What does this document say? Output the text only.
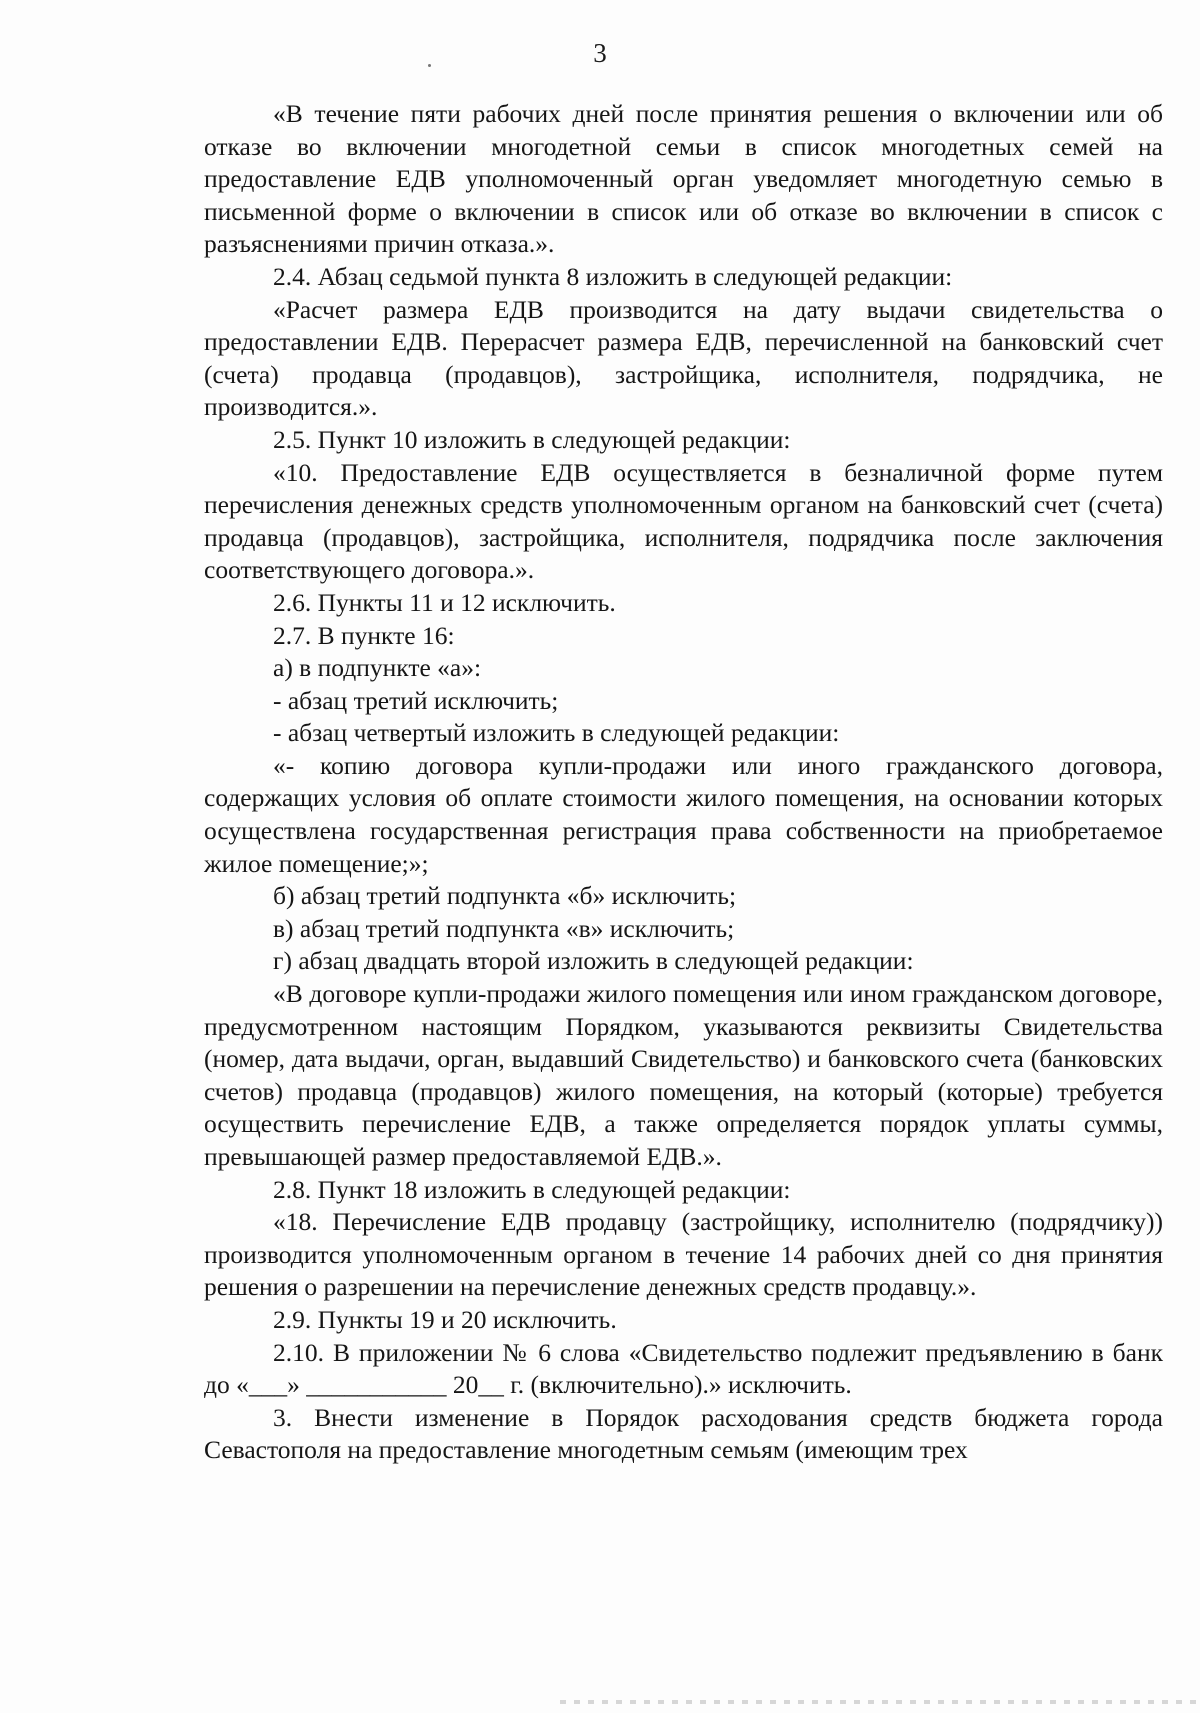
3

«В течение пяти рабочих дней после принятия решения о включении или об отказе во включении многодетной семьи в список многодетных семей на предоставление ЕДВ уполномоченный орган уведомляет многодетную семью в письменной форме о включении в список или об отказе во включении в список с разъяснениями причин отказа.».

2.4. Абзац седьмой пункта 8 изложить в следующей редакции:

«Расчет размера ЕДВ производится на дату выдачи свидетельства о предоставлении ЕДВ. Перерасчет размера ЕДВ, перечисленной на банковский счет (счета) продавца (продавцов), застройщика, исполнителя, подрядчика, не производится.».

2.5. Пункт 10 изложить в следующей редакции:

«10. Предоставление ЕДВ осуществляется в безналичной форме путем перечисления денежных средств уполномоченным органом на банковский счет (счета) продавца (продавцов), застройщика, исполнителя, подрядчика после заключения соответствующего договора.».

2.6. Пункты 11 и 12 исключить.

2.7. В пункте 16:

а) в подпункте «а»:

- абзац третий исключить;

- абзац четвертый изложить в следующей редакции:

«- копию договора купли-продажи или иного гражданского договора, содержащих условия об оплате стоимости жилого помещения, на основании которых осуществлена государственная регистрация права собственности на приобретаемое жилое помещение;»;

б) абзац третий подпункта «б» исключить;

в) абзац третий подпункта «в» исключить;

г) абзац двадцать второй изложить в следующей редакции:

«В договоре купли-продажи жилого помещения или ином гражданском договоре, предусмотренном настоящим Порядком, указываются реквизиты Свидетельства (номер, дата выдачи, орган, выдавший Свидетельство) и банковского счета (банковских счетов) продавца (продавцов) жилого помещения, на который (которые) требуется осуществить перечисление ЕДВ, а также определяется порядок уплаты суммы, превышающей размер предоставляемой ЕДВ.».

2.8. Пункт 18 изложить в следующей редакции:

«18. Перечисление ЕДВ продавцу (застройщику, исполнителю (подрядчику)) производится уполномоченным органом в течение 14 рабочих дней со дня принятия решения о разрешении на перечисление денежных средств продавцу.».

2.9. Пункты 19 и 20 исключить.

2.10. В приложении № 6 слова «Свидетельство подлежит предъявлению в банк до «___» ___________ 20__ г. (включительно).» исключить.

3. Внести изменение в Порядок расходования средств бюджета города Севастополя на предоставление многодетным семьям (имеющим трех
